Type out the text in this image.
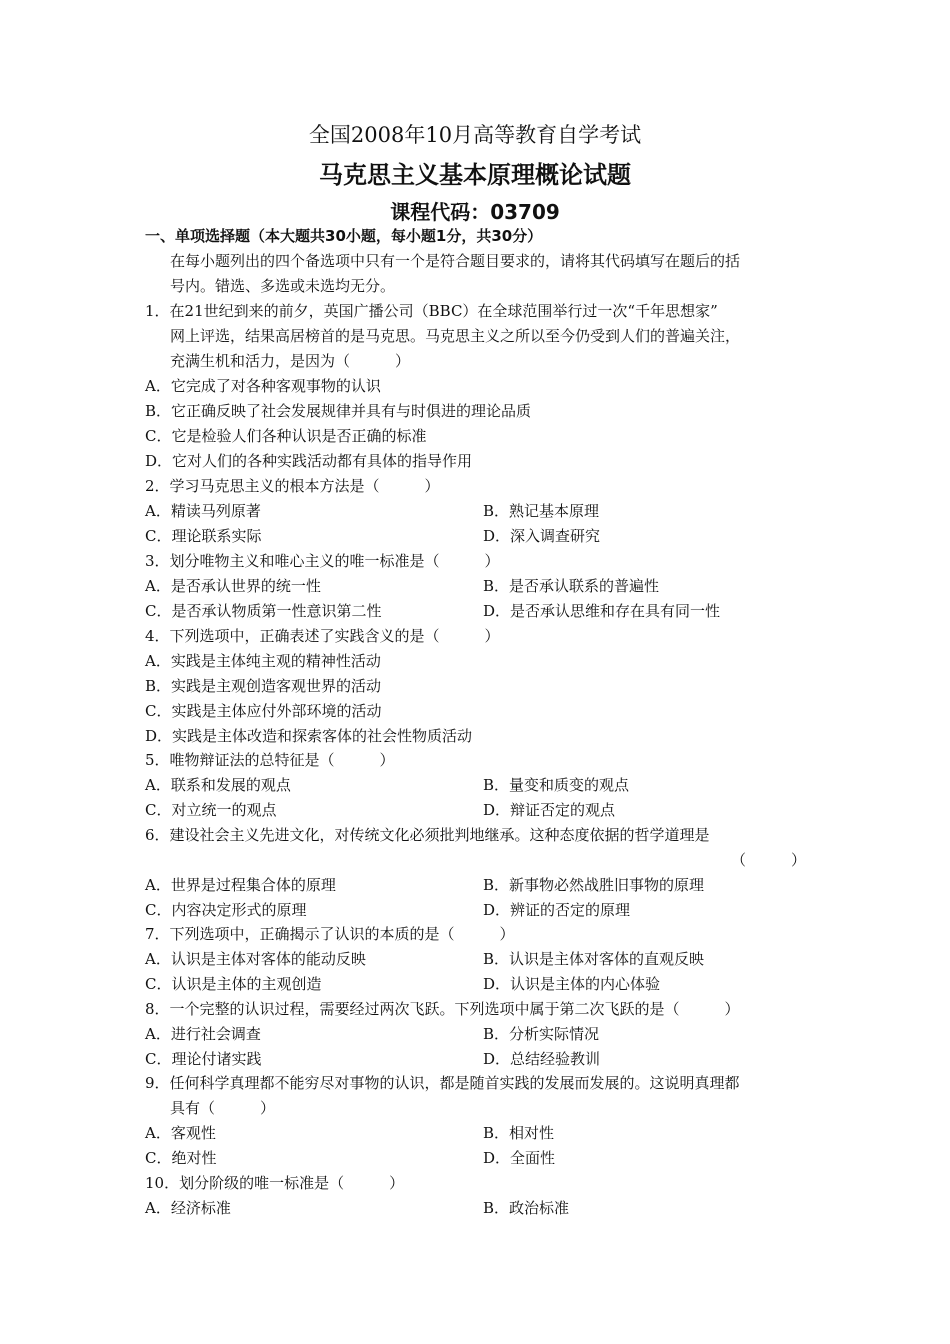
全国2008年10月高等教育自学考试
马克思主义基本原理概论试题
课程代码：03709
一、单项选择题（本大题共30小题，每小题1分，共30分）
在每小题列出的四个备选项中只有一个是符合题目要求的，请将其代码填写在题后的括
号内。错选、多选或未选均无分。
1．在21世纪到来的前夕，英国广播公司（BBC）在全球范围举行过一次“千年思想家”
网上评选，结果高居榜首的是马克思。马克思主义之所以至今仍受到人们的普遍关注，
充满生机和活力，是因为（　　　）
A．它完成了对各种客观事物的认识
B．它正确反映了社会发展规律并具有与时俱进的理论品质
C．它是检验人们各种认识是否正确的标准
D．它对人们的各种实践活动都有具体的指导作用
2．学习马克思主义的根本方法是（　　　）
A．精读马列原著	B．熟记基本原理
C．理论联系实际	D．深入调查研究
3．划分唯物主义和唯心主义的唯一标准是（　　　）
A．是否承认世界的统一性	B．是否承认联系的普遍性
C．是否承认物质第一性意识第二性	D．是否承认思维和存在具有同一性
4．下列选项中，正确表述了实践含义的是（　　　）
A．实践是主体纯主观的精神性活动
B．实践是主观创造客观世界的活动
C．实践是主体应付外部环境的活动
D．实践是主体改造和探索客体的社会性物质活动
5．唯物辩证法的总特征是（　　　）
A．联系和发展的观点	B．量变和质变的观点
C．对立统一的观点	D．辩证否定的观点
6．建设社会主义先进文化，对传统文化必须批判地继承。这种态度依据的哲学道理是
（　　　）
A．世界是过程集合体的原理	B．新事物必然战胜旧事物的原理
C．内容决定形式的原理	D．辨证的否定的原理
7．下列选项中，正确揭示了认识的本质的是（　　　）
A．认识是主体对客体的能动反映	B．认识是主体对客体的直观反映
C．认识是主体的主观创造	D．认识是主体的内心体验
8．一个完整的认识过程，需要经过两次飞跃。下列选项中属于第二次飞跃的是（　　　）
A．进行社会调查	B．分析实际情况
C．理论付诸实践	D．总结经验教训
9．任何科学真理都不能穷尽对事物的认识，都是随首实践的发展而发展的。这说明真理都
具有（　　　）
A．客观性	B．相对性
C．绝对性	D．全面性
10．划分阶级的唯一标准是（　　　）
A．经济标准	B．政治标准
